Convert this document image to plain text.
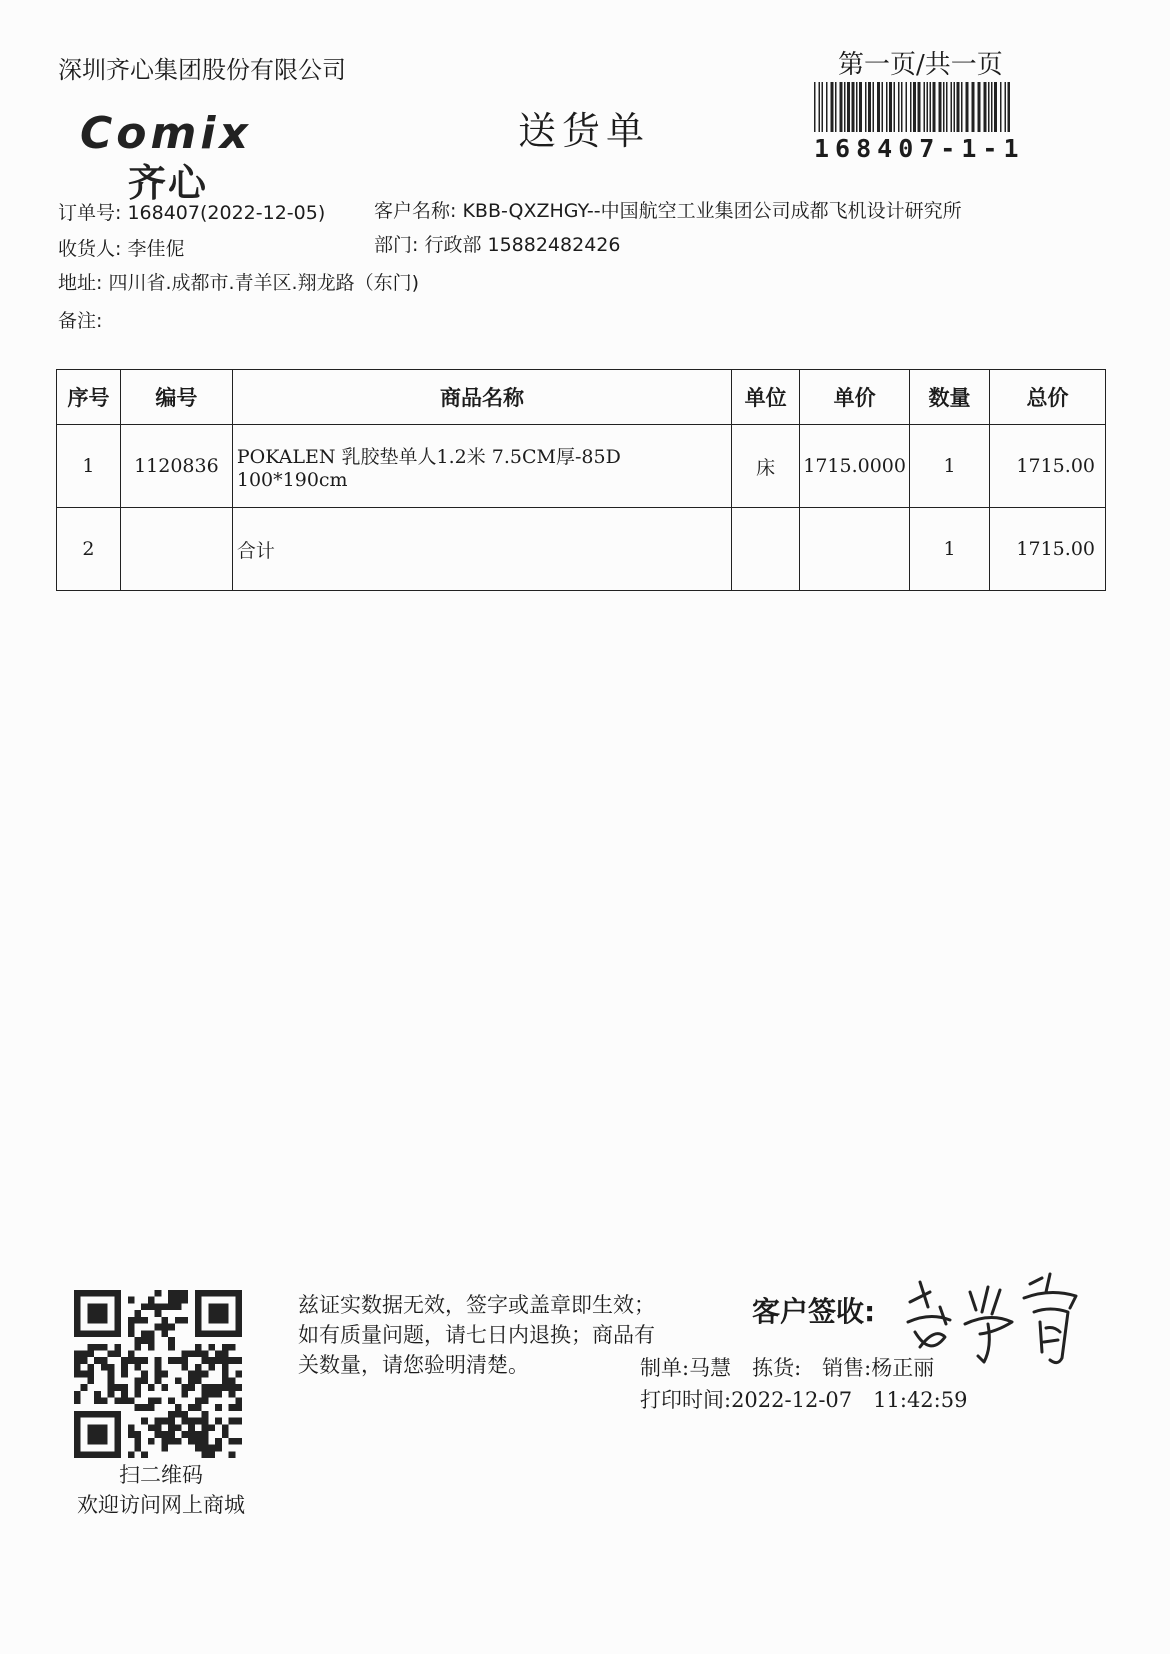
深圳齐心集团股份有限公司	第一页/共一页
Comix
齐心
送货单	168407-1-1
订单号: 168407(2022-12-05)	客户名称: KBB-QXZHGY--中国航空工业集团公司成都飞机设计研究所
收货人: 李佳伲	部门: 行政部 15882482426
地址: 四川省.成都市.青羊区.翔龙路（东门)
备注:
序号	编号	商品名称	单位	单价	数量	总价
1	1120836	POKALEN 乳胶垫单人1.2米 7.5CM厚-85D 100*190cm	床	1715.0000	1	1715.00
2		合计			1	1715.00
扫二维码
欢迎访问网上商城
兹证实数据无效，签字或盖章即生效；如有质量问题，请七日内退换；商品有关数量，请您验明清楚。
客户签收:
制单:马慧　拣货:　销售:杨正丽
打印时间:2022-12-07　11:42:59
